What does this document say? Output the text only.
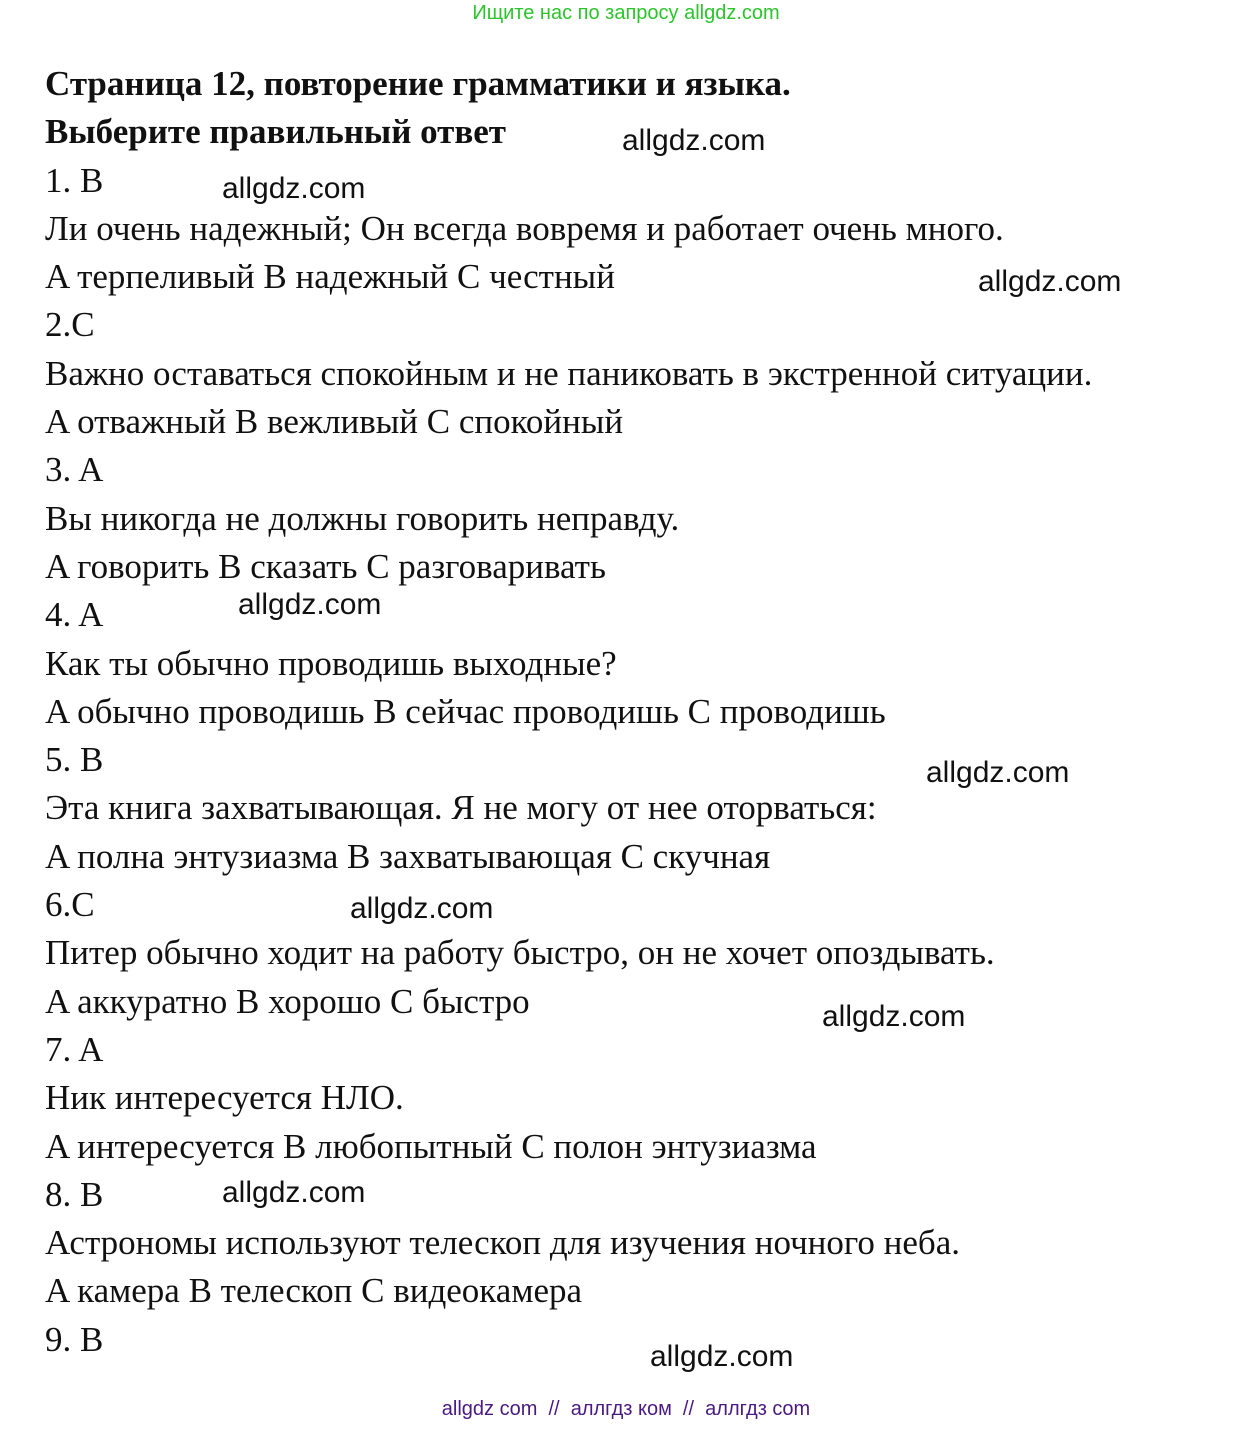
Ищите нас по запросу allgdz.com
Страница 12, повторение грамматики и языка.
Выберите правильный ответ
1. B
Ли очень надежный; Он всегда вовремя и работает очень много.
A терпеливый B надежный C честный
2.C
Важно оставаться спокойным и не паниковать в экстренной ситуации.
A отважный B вежливый C спокойный
3. A
Вы никогда не должны говорить неправду.
A говорить B сказать C разговаривать
4. A
Как ты обычно проводишь выходные?
A обычно проводишь B сейчас проводишь C проводишь
5. B
Эта книга захватывающая. Я не могу от нее оторваться:
A полна энтузиазма B захватывающая C скучная
6.C
Питер обычно ходит на работу быстро, он не хочет опоздывать.
A аккуратно B хорошо C быстро
7. A
Ник интересуется НЛО.
A интересуется B любопытный C полон энтузиазма
8. B
Астрономы используют телескоп для изучения ночного неба.
A камера B телескоп C видеокамера
9. B
allgdz.com
allgdz.com
allgdz.com
allgdz.com
allgdz.com
allgdz.com
allgdz.com
allgdz.com
allgdz.com
allgdz com  //  аллгдз ком  //  аллгдз com
